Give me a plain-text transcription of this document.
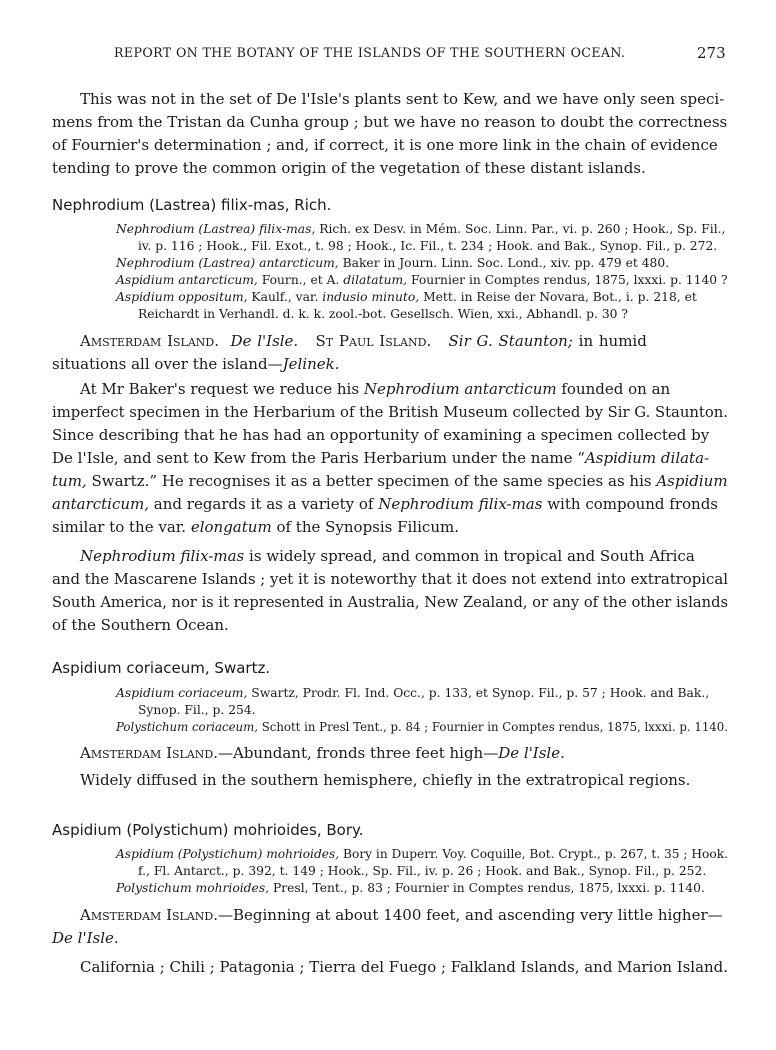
REPORT ON THE BOTANY OF THE ISLANDS OF THE SOUTHERN OCEAN.	273
This was not in the set of De l'Isle's plants sent to Kew, and we have only seen speci-
mens from the Tristan da Cunha group ; but we have no reason to doubt the correctness
of Fournier's determination ; and, if correct, it is one more link in the chain of evidence
tending to prove the common origin of the vegetation of these distant islands.
Nephrodium (Lastrea) filix-mas, Rich.
Nephrodium (Lastrea) filix-mas, Rich. ex Desv. in Mém. Soc. Linn. Par., vi. p. 260 ; Hook., Sp. Fil.,
iv. p. 116 ; Hook., Fil. Exot., t. 98 ; Hook., Ic. Fil., t. 234 ; Hook. and Bak., Synop. Fil., p. 272.
Nephrodium (Lastrea) antarcticum, Baker in Journ. Linn. Soc. Lond., xiv. pp. 479 et 480.
Aspidium antarcticum, Fourn., et A. dilatatum, Fournier in Comptes rendus, 1875, lxxxi. p. 1140 ?
Aspidium oppositum, Kaulf., var. indusio minuto, Mett. in Reise der Novara, Bot., i. p. 218, et
Reichardt in Verhandl. d. k. k. zool.-bot. Gesellsch. Wien, xxi., Abhandl. p. 30 ?
Amsterdam Island. De l'Isle. St Paul Island. Sir G. Staunton; in humid
situations all over the island—Jelinek.
At Mr Baker's request we reduce his Nephrodium antarcticum founded on an
imperfect specimen in the Herbarium of the British Museum collected by Sir G. Staunton.
Since describing that he has had an opportunity of examining a specimen collected by
De l'Isle, and sent to Kew from the Paris Herbarium under the name “Aspidium dilata-
tum, Swartz.” He recognises it as a better specimen of the same species as his Aspidium
antarcticum, and regards it as a variety of Nephrodium filix-mas with compound fronds
similar to the var. elongatum of the Synopsis Filicum.
Nephrodium filix-mas is widely spread, and common in tropical and South Africa
and the Mascarene Islands ; yet it is noteworthy that it does not extend into extratropical
South America, nor is it represented in Australia, New Zealand, or any of the other islands
of the Southern Ocean.
Aspidium coriaceum, Swartz.
Aspidium coriaceum, Swartz, Prodr. Fl. Ind. Occ., p. 133, et Synop. Fil., p. 57 ; Hook. and Bak.,
Synop. Fil., p. 254.
Polystichum coriaceum, Schott in Presl Tent., p. 84 ; Fournier in Comptes rendus, 1875, lxxxi. p. 1140.
Amsterdam Island.—Abundant, fronds three feet high—De l'Isle.
Widely diffused in the southern hemisphere, chiefly in the extratropical regions.
Aspidium (Polystichum) mohrioides, Bory.
Aspidium (Polystichum) mohrioides, Bory in Duperr. Voy. Coquille, Bot. Crypt., p. 267, t. 35 ; Hook.
f., Fl. Antarct., p. 392, t. 149 ; Hook., Sp. Fil., iv. p. 26 ; Hook. and Bak., Synop. Fil., p. 252.
Polystichum mohrioides, Presl, Tent., p. 83 ; Fournier in Comptes rendus, 1875, lxxxi. p. 1140.
Amsterdam Island.—Beginning at about 1400 feet, and ascending very little higher—
De l'Isle.
California ; Chili ; Patagonia ; Tierra del Fuego ; Falkland Islands, and Marion Island.
